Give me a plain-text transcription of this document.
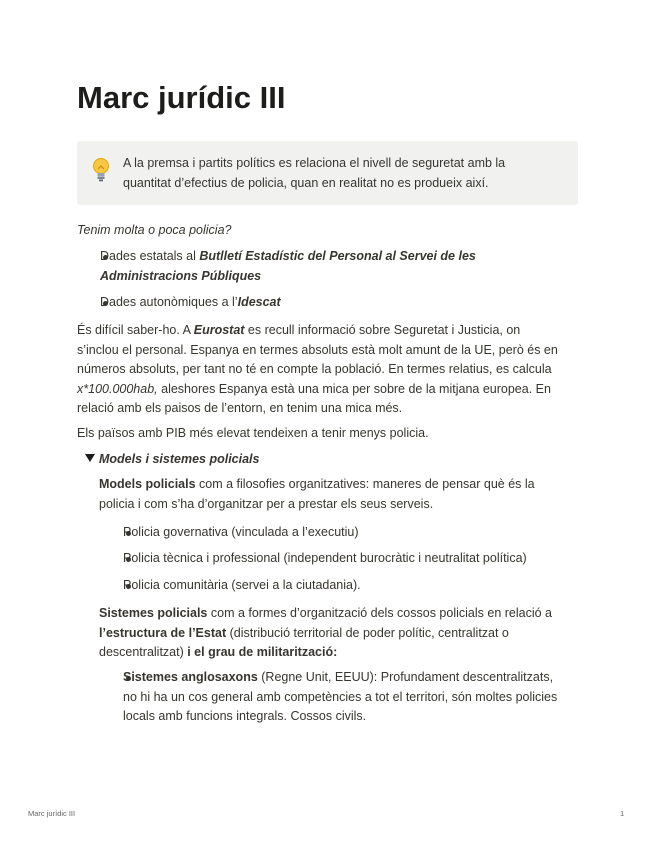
Marc jurídic III
A la premsa i partits polítics es relaciona el nivell de seguretat amb la
quantitat d’efectius de policia, quan en realitat no es produeix així.
Tenim molta o poca policia?
Dades estatals al Butlletí Estadístic del Personal al Servei de les
Administracions Públiques
Dades autonòmiques a l’Idescat
És difícil saber-ho. A Eurostat es recull informació sobre Seguretat i Justicia, on
s’inclou el personal. Espanya en termes absoluts està molt amunt de la UE, però és en
números absoluts, per tant no té en compte la població. En termes relatius, es calcula
x*100.000hab, aleshores Espanya està una mica per sobre de la mitjana europea. En
relació amb els paisos de l’entorn, en tenim una mica més.
Els països amb PIB més elevat tendeixen a tenir menys policia.
Models i sistemes policials
Models policials com a filosofies organitzatives: maneres de pensar què és la
policia i com s’ha d’organitzar per a prestar els seus serveis.
Policia governativa (vinculada a l’executiu)
Policia tècnica i professional (independent burocràtic i neutralitat política)
Policia comunitària (servei a la ciutadania).
Sistemes policials com a formes d’organització dels cossos policials en relació a
l’estructura de l’Estat (distribució territorial de poder polític, centralitzat o
descentralitzat) i el grau de militarització:
Sistemes anglosaxons (Regne Unit, EEUU): Profundament descentralitzats,
no hi ha un cos general amb competències a tot el territori, són moltes policies
locals amb funcions integrals. Cossos civils.
Marc jurídic III	1
